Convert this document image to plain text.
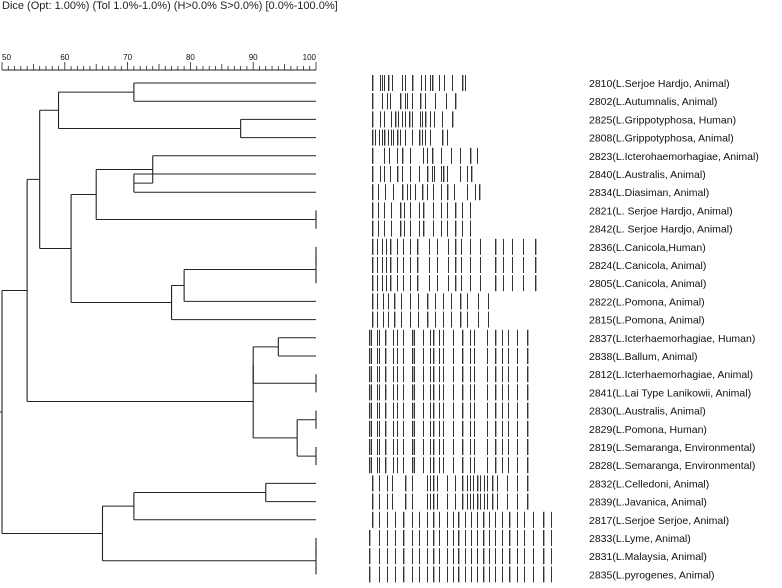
Dice (Opt: 1.00%) (Tol 1.0%-1.0%) (H>0.0% S>0.0%) [0.0%-100.0%]
50	60	70	80	90	100
2810(L.Serjoe Hardjo, Animal)
2802(L.Autumnalis, Animal)
2825(L.Grippotyphosa, Human)
2808(L.Grippotyphosa, Animal)
2823(L.Icterohaemorhagiae, Animal)
2840(L.Australis, Animal)
2834(L.Diasiman, Animal)
2821(L. Serjoe Hardjo, Animal)
2842(L. Serjoe Hardjo, Animal)
2836(L.Canicola,Human)
2824(L.Canicola, Animal)
2805(L.Canicola, Animal)
2822(L.Pomona, Animal)
2815(L.Pomona, Animal)
2837(L.Icterhaemorhagiae, Human)
2838(L.Ballum, Animal)
2812(L.Icterhaemorhagiae, Animal)
2841(L.Lai Type Lanikowii, Animal)
2830(L.Australis, Animal)
2829(L.Pomona, Human)
2819(L.Semaranga, Environmental)
2828(L.Semaranga, Environmental)
2832(L.Celledoni, Animal)
2839(L.Javanica, Animal)
2817(L.Serjoe Serjoe, Animal)
2833(L.Lyme, Animal)
2831(L.Malaysia, Animal)
2835(L.pyrogenes, Animal)
